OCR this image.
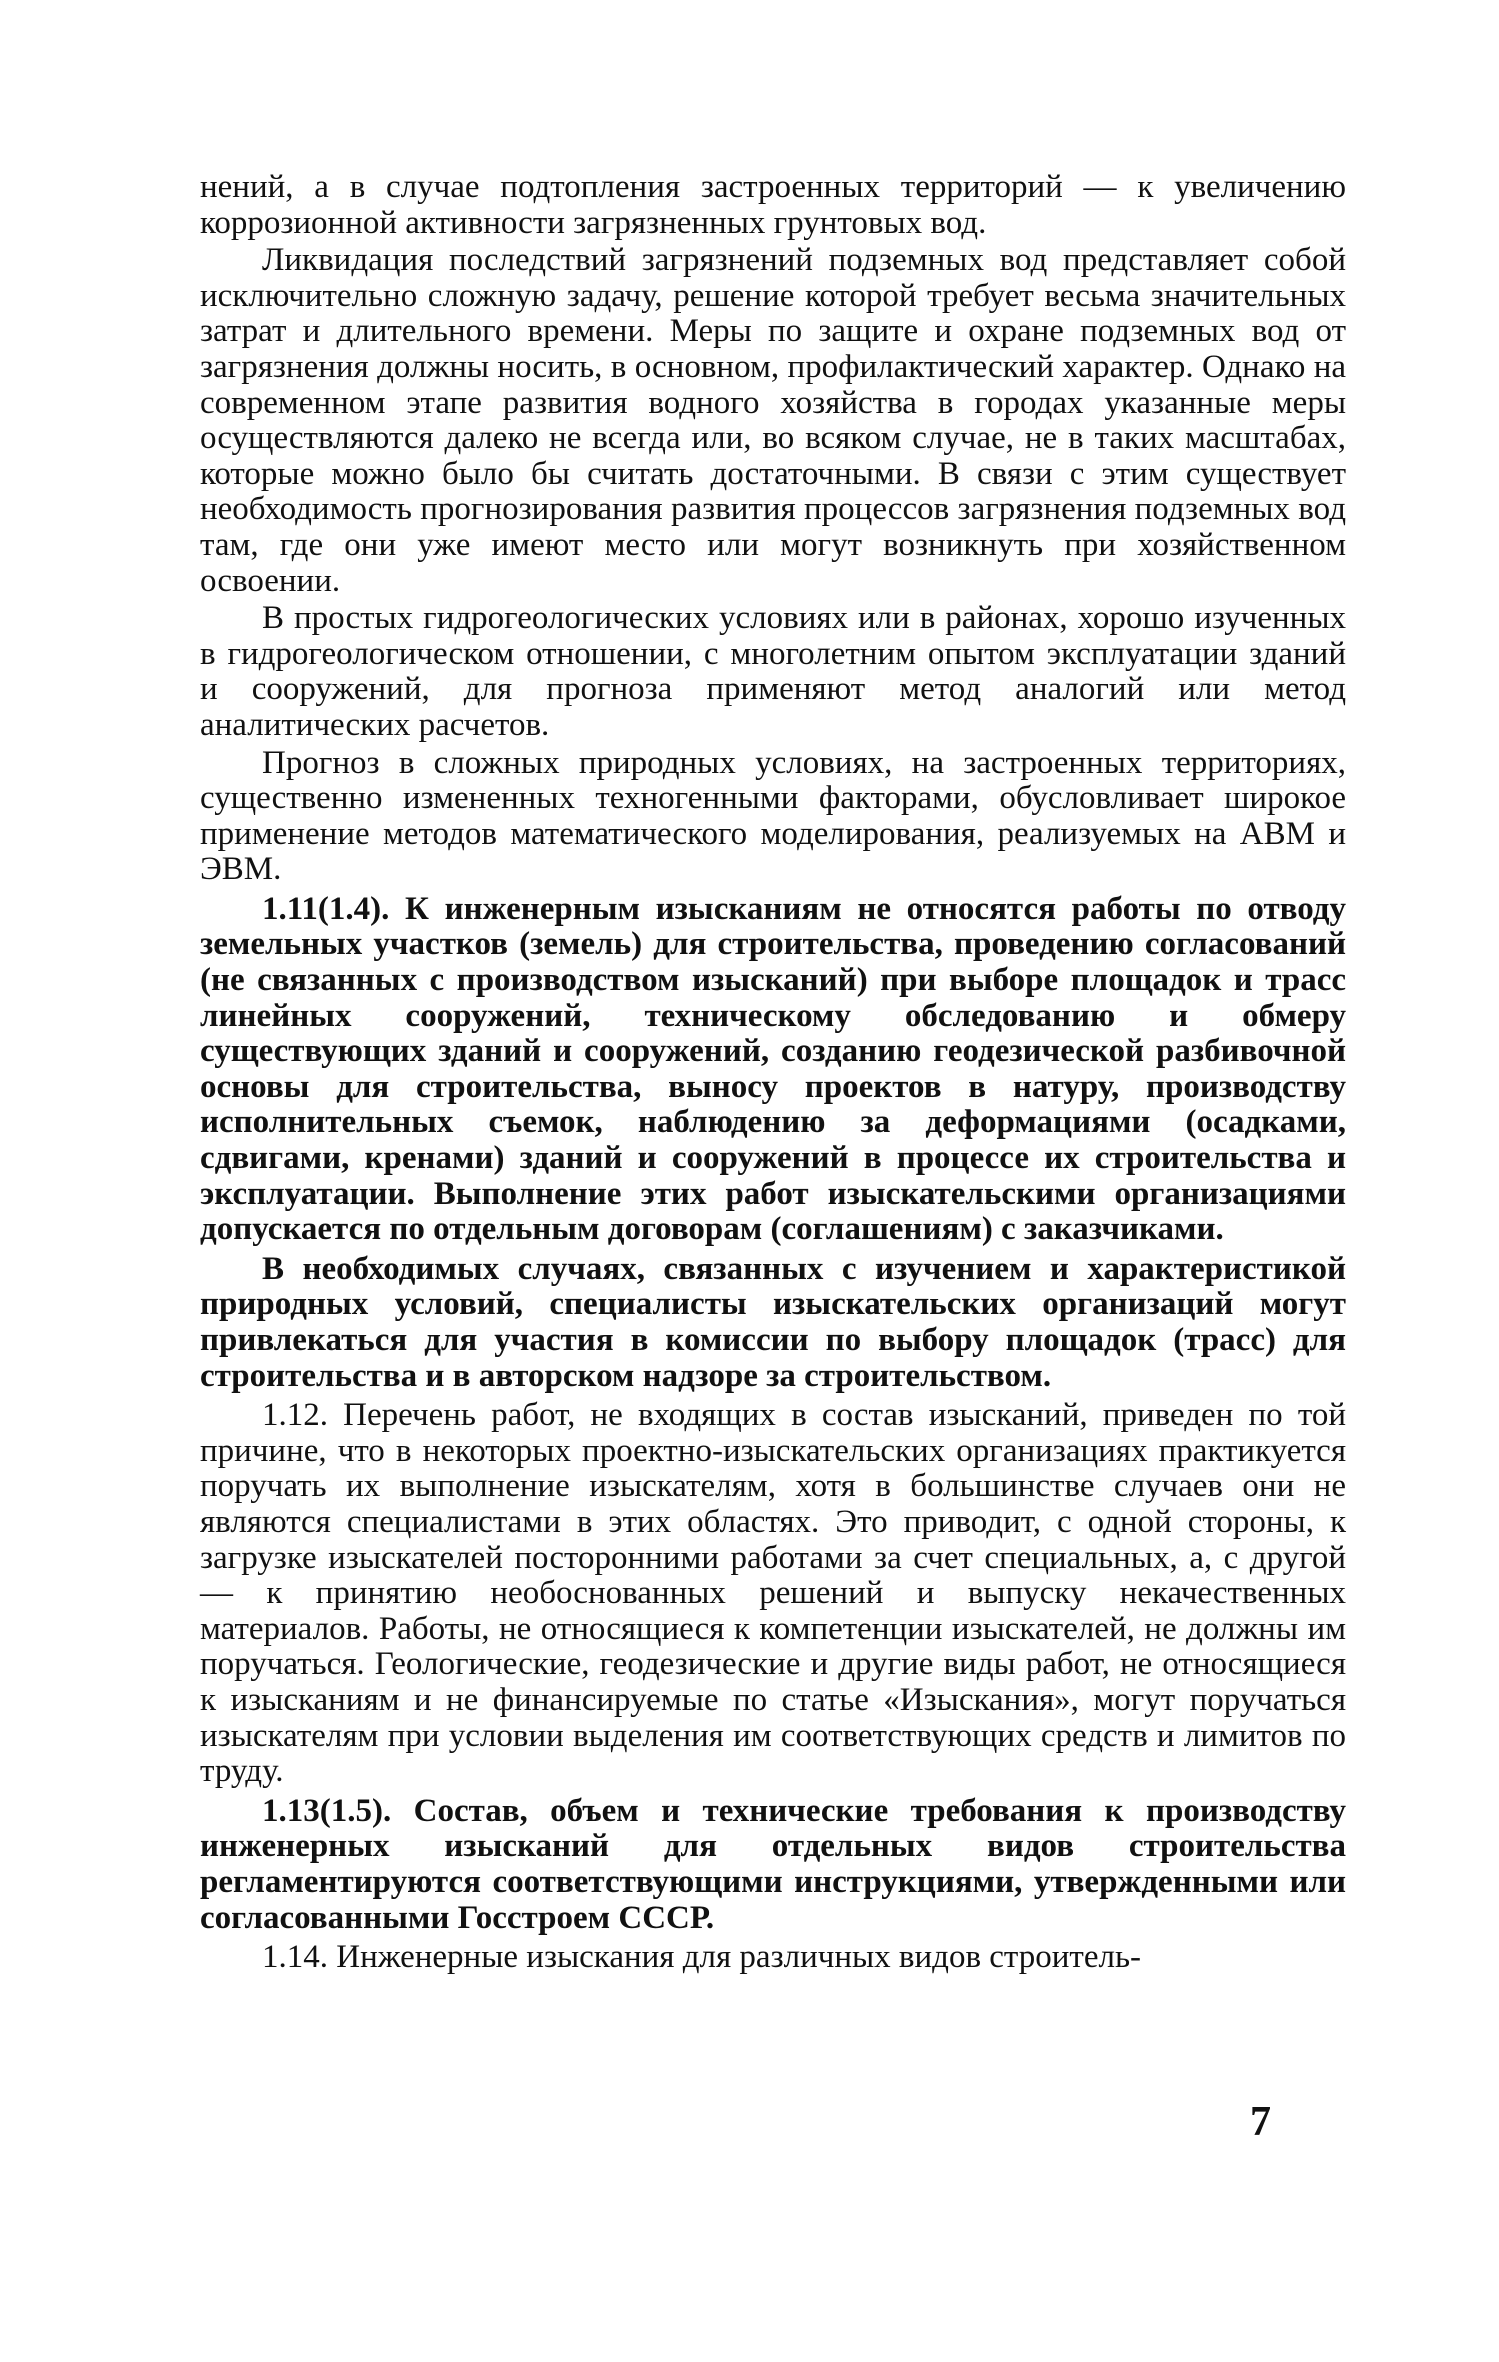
нений, а в случае подтопления застроенных территорий — к увеличению коррозионной активности загрязненных грунтовых вод.

Ликвидация последствий загрязнений подземных вод представляет собой исключительно сложную задачу, решение которой требует весьма значительных затрат и длительного времени. Меры по защите и охране подземных вод от загрязнения должны носить, в основном, профилактический характер. Однако на современном этапе развития водного хозяйства в городах указанные меры осуществляются далеко не всегда или, во всяком случае, не в таких масштабах, которые можно было бы считать достаточными. В связи с этим существует необходимость прогнозирования развития процессов загрязнения подземных вод там, где они уже имеют место или могут возникнуть при хозяйственном освоении.

В простых гидрогеологических условиях или в районах, хорошо изученных в гидрогеологическом отношении, с многолетним опытом эксплуатации зданий и сооружений, для прогноза применяют метод аналогий или метод аналитических расчетов.

Прогноз в сложных природных условиях, на застроенных территориях, существенно измененных техногенными факторами, обусловливает широкое применение методов математического моделирования, реализуемых на АВМ и ЭВМ.

1.11(1.4). К инженерным изысканиям не относятся работы по отводу земельных участков (земель) для строительства, проведению согласований (не связанных с производством изысканий) при выборе площадок и трасс линейных сооружений, техническому обследованию и обмеру существующих зданий и сооружений, созданию геодезической разбивочной основы для строительства, выносу проектов в натуру, производству исполнительных съемок, наблюдению за деформациями (осадками, сдвигами, кренами) зданий и сооружений в процессе их строительства и эксплуатации. Выполнение этих работ изыскательскими организациями допускается по отдельным договорам (соглашениям) с заказчиками.

В необходимых случаях, связанных с изучением и характеристикой природных условий, специалисты изыскательских организаций могут привлекаться для участия в комиссии по выбору площадок (трасс) для строительства и в авторском надзоре за строительством.

1.12. Перечень работ, не входящих в состав изысканий, приведен по той причине, что в некоторых проектно-изыскательских организациях практикуется поручать их выполнение изыскателям, хотя в большинстве случаев они не являются специалистами в этих областях. Это приводит, с одной стороны, к загрузке изыскателей посторонними работами за счет специальных, а, с другой — к принятию необоснованных решений и выпуску некачественных материалов. Работы, не относящиеся к компетенции изыскателей, не должны им поручаться. Геологические, геодезические и другие виды работ, не относящиеся к изысканиям и не финансируемые по статье «Изыскания», могут поручаться изыскателям при условии выделения им соответствующих средств и лимитов по труду.

1.13(1.5). Состав, объем и технические требования к производству инженерных изысканий для отдельных видов строительства регламентируются соответствующими инструкциями, утвержденными или согласованными Госстроем СССР.

1.14. Инженерные изыскания для различных видов строитель-

7
